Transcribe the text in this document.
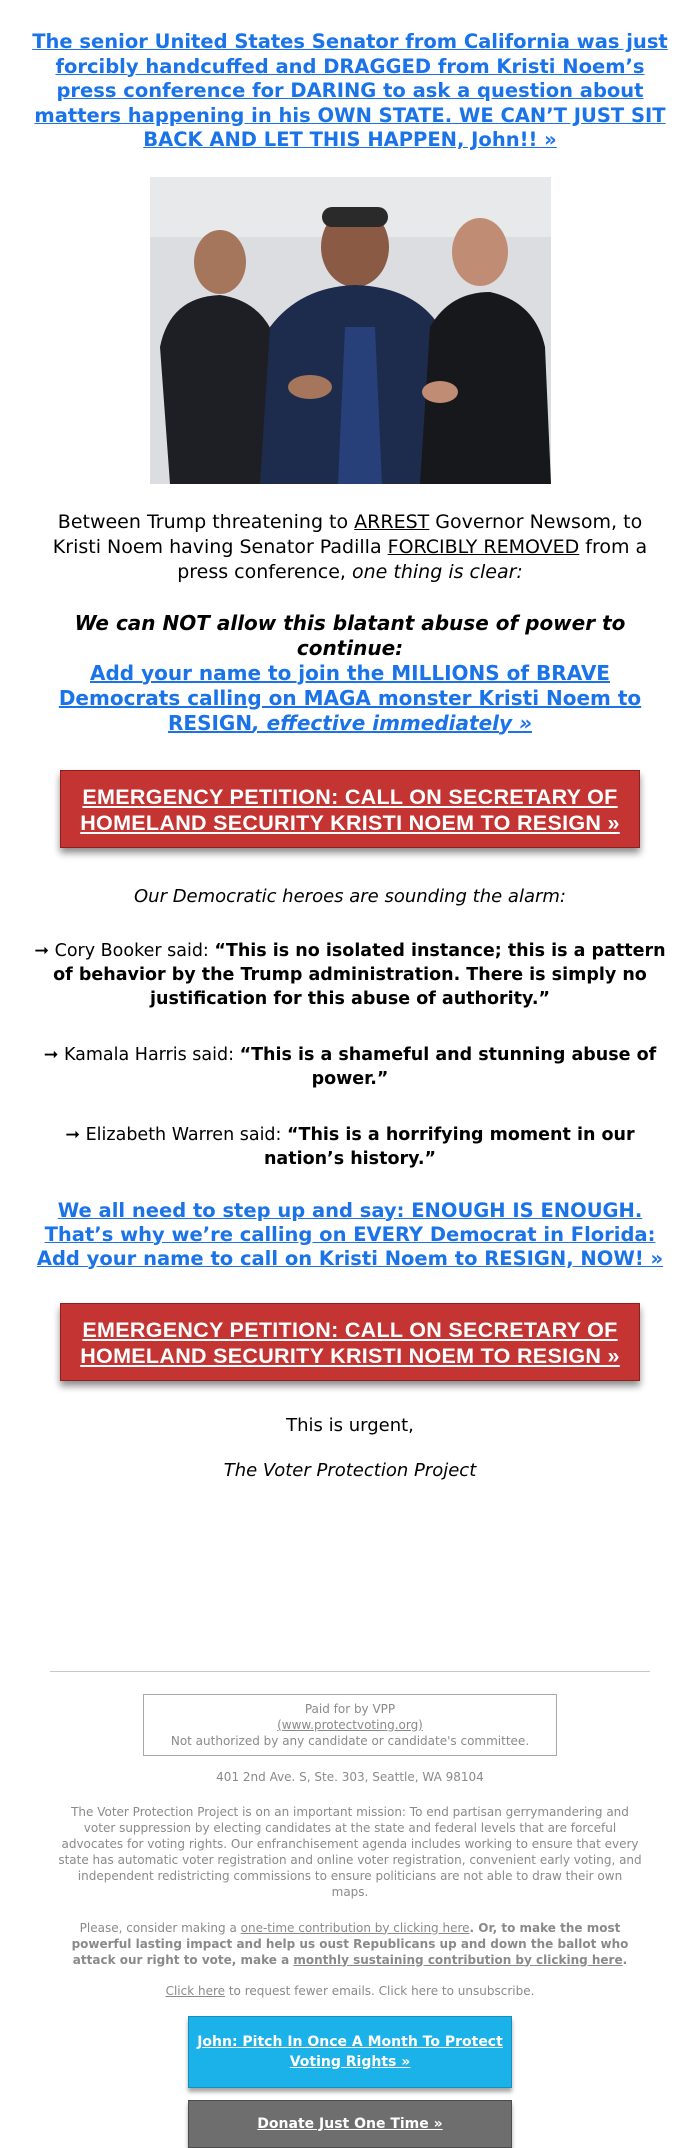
The senior United States Senator from California was just forcibly handcuffed and DRAGGED from Kristi Noem’s press conference for DARING to ask a question about matters happening in his OWN STATE. WE CAN’T JUST SIT BACK AND LET THIS HAPPEN, John!! »
Between Trump threatening to ARREST Governor Newsom, to Kristi Noem having Senator Padilla FORCIBLY REMOVED from a press conference, one thing is clear:
We can NOT allow this blatant abuse of power to continue:
Add your name to join the MILLIONS of BRAVE Democrats calling on MAGA monster Kristi Noem to RESIGN, effective immediately »
EMERGENCY PETITION: CALL ON SECRETARY OF HOMELAND SECURITY KRISTI NOEM TO RESIGN »
Our Democratic heroes are sounding the alarm:
➞ Cory Booker said: “This is no isolated instance; this is a pattern of behavior by the Trump administration. There is simply no justification for this abuse of authority.”
➞ Kamala Harris said: “This is a shameful and stunning abuse of power.”
➞ Elizabeth Warren said: “This is a horrifying moment in our nation’s history.”
We all need to step up and say: ENOUGH IS ENOUGH. That’s why we’re calling on EVERY Democrat in Florida: Add your name to call on Kristi Noem to RESIGN, NOW! »
EMERGENCY PETITION: CALL ON SECRETARY OF HOMELAND SECURITY KRISTI NOEM TO RESIGN »
This is urgent,
The Voter Protection Project
Paid for by VPP
(www.protectvoting.org)
Not authorized by any candidate or candidate's committee.
401 2nd Ave. S, Ste. 303, Seattle, WA 98104
The Voter Protection Project is on an important mission: To end partisan gerrymandering and voter suppression by electing candidates at the state and federal levels that are forceful advocates for voting rights. Our enfranchisement agenda includes working to ensure that every state has automatic voter registration and online voter registration, convenient early voting, and independent redistricting commissions to ensure politicians are not able to draw their own maps.
Please, consider making a one-time contribution by clicking here. Or, to make the most powerful lasting impact and help us oust Republicans up and down the ballot who attack our right to vote, make a monthly sustaining contribution by clicking here.
Click here to request fewer emails. Click here to unsubscribe.
John: Pitch In Once A Month To Protect Voting Rights »
Donate Just One Time »
